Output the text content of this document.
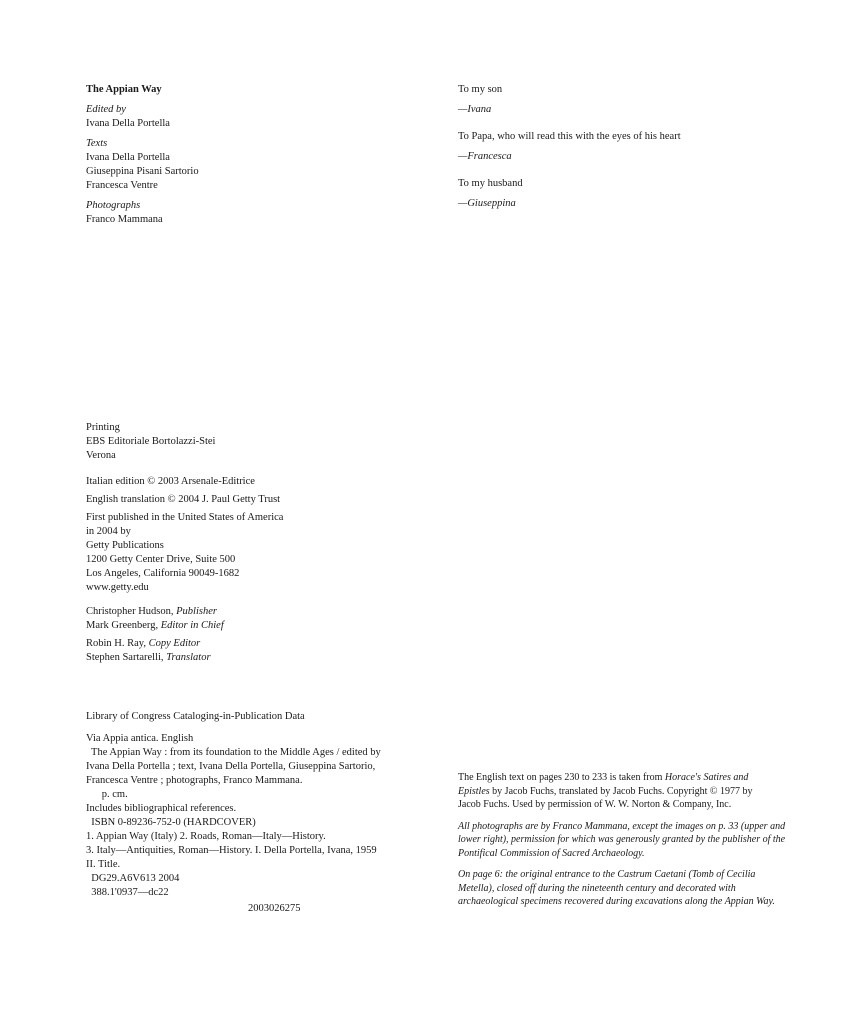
The Appian Way
Edited by
Ivana Della Portella
Texts
Ivana Della Portella
Giuseppina Pisani Sartorio
Francesca Ventre
Photographs
Franco Mammana
To my son
—Ivana
To Papa, who will read this with the eyes of his heart
—Francesca
To my husband
—Giuseppina
Printing
EBS Editoriale Bortolazzi-Stei
Verona
Italian edition © 2003 Arsenale-Editrice
English translation © 2004 J. Paul Getty Trust
First published in the United States of America
in 2004 by
Getty Publications
1200 Getty Center Drive, Suite 500
Los Angeles, California 90049-1682
www.getty.edu
Christopher Hudson, Publisher
Mark Greenberg, Editor in Chief
Robin H. Ray, Copy Editor
Stephen Sartarelli, Translator
Library of Congress Cataloging-in-Publication Data
Via Appia antica. English
The Appian Way : from its foundation to the Middle Ages / edited by
Ivana Della Portella ; text, Ivana Della Portella, Giuseppina Sartorio,
Francesca Ventre ; photographs, Franco Mammana.
p. cm.
Includes bibliographical references.
ISBN 0-89236-752-0 (HARDCOVER)
1. Appian Way (Italy) 2. Roads, Roman—Italy—History.
3. Italy—Antiquities, Roman—History. I. Della Portella, Ivana, 1959
II. Title.
DG29.A6V613 2004
388.1'0937—dc22
2003026275
The English text on pages 230 to 233 is taken from Horace's Satires and
Epistles by Jacob Fuchs, translated by Jacob Fuchs. Copyright © 1977 by
Jacob Fuchs. Used by permission of W. W. Norton & Company, Inc.
All photographs are by Franco Mammana, except the images on p. 33 (upper and
lower right), permission for which was generously granted by the publisher of the
Pontifical Commission of Sacred Archaeology.
On page 6: the original entrance to the Castrum Caetani (Tomb of Cecilia
Metella), closed off during the nineteenth century and decorated with
archaeological specimens recovered during excavations along the Appian Way.
